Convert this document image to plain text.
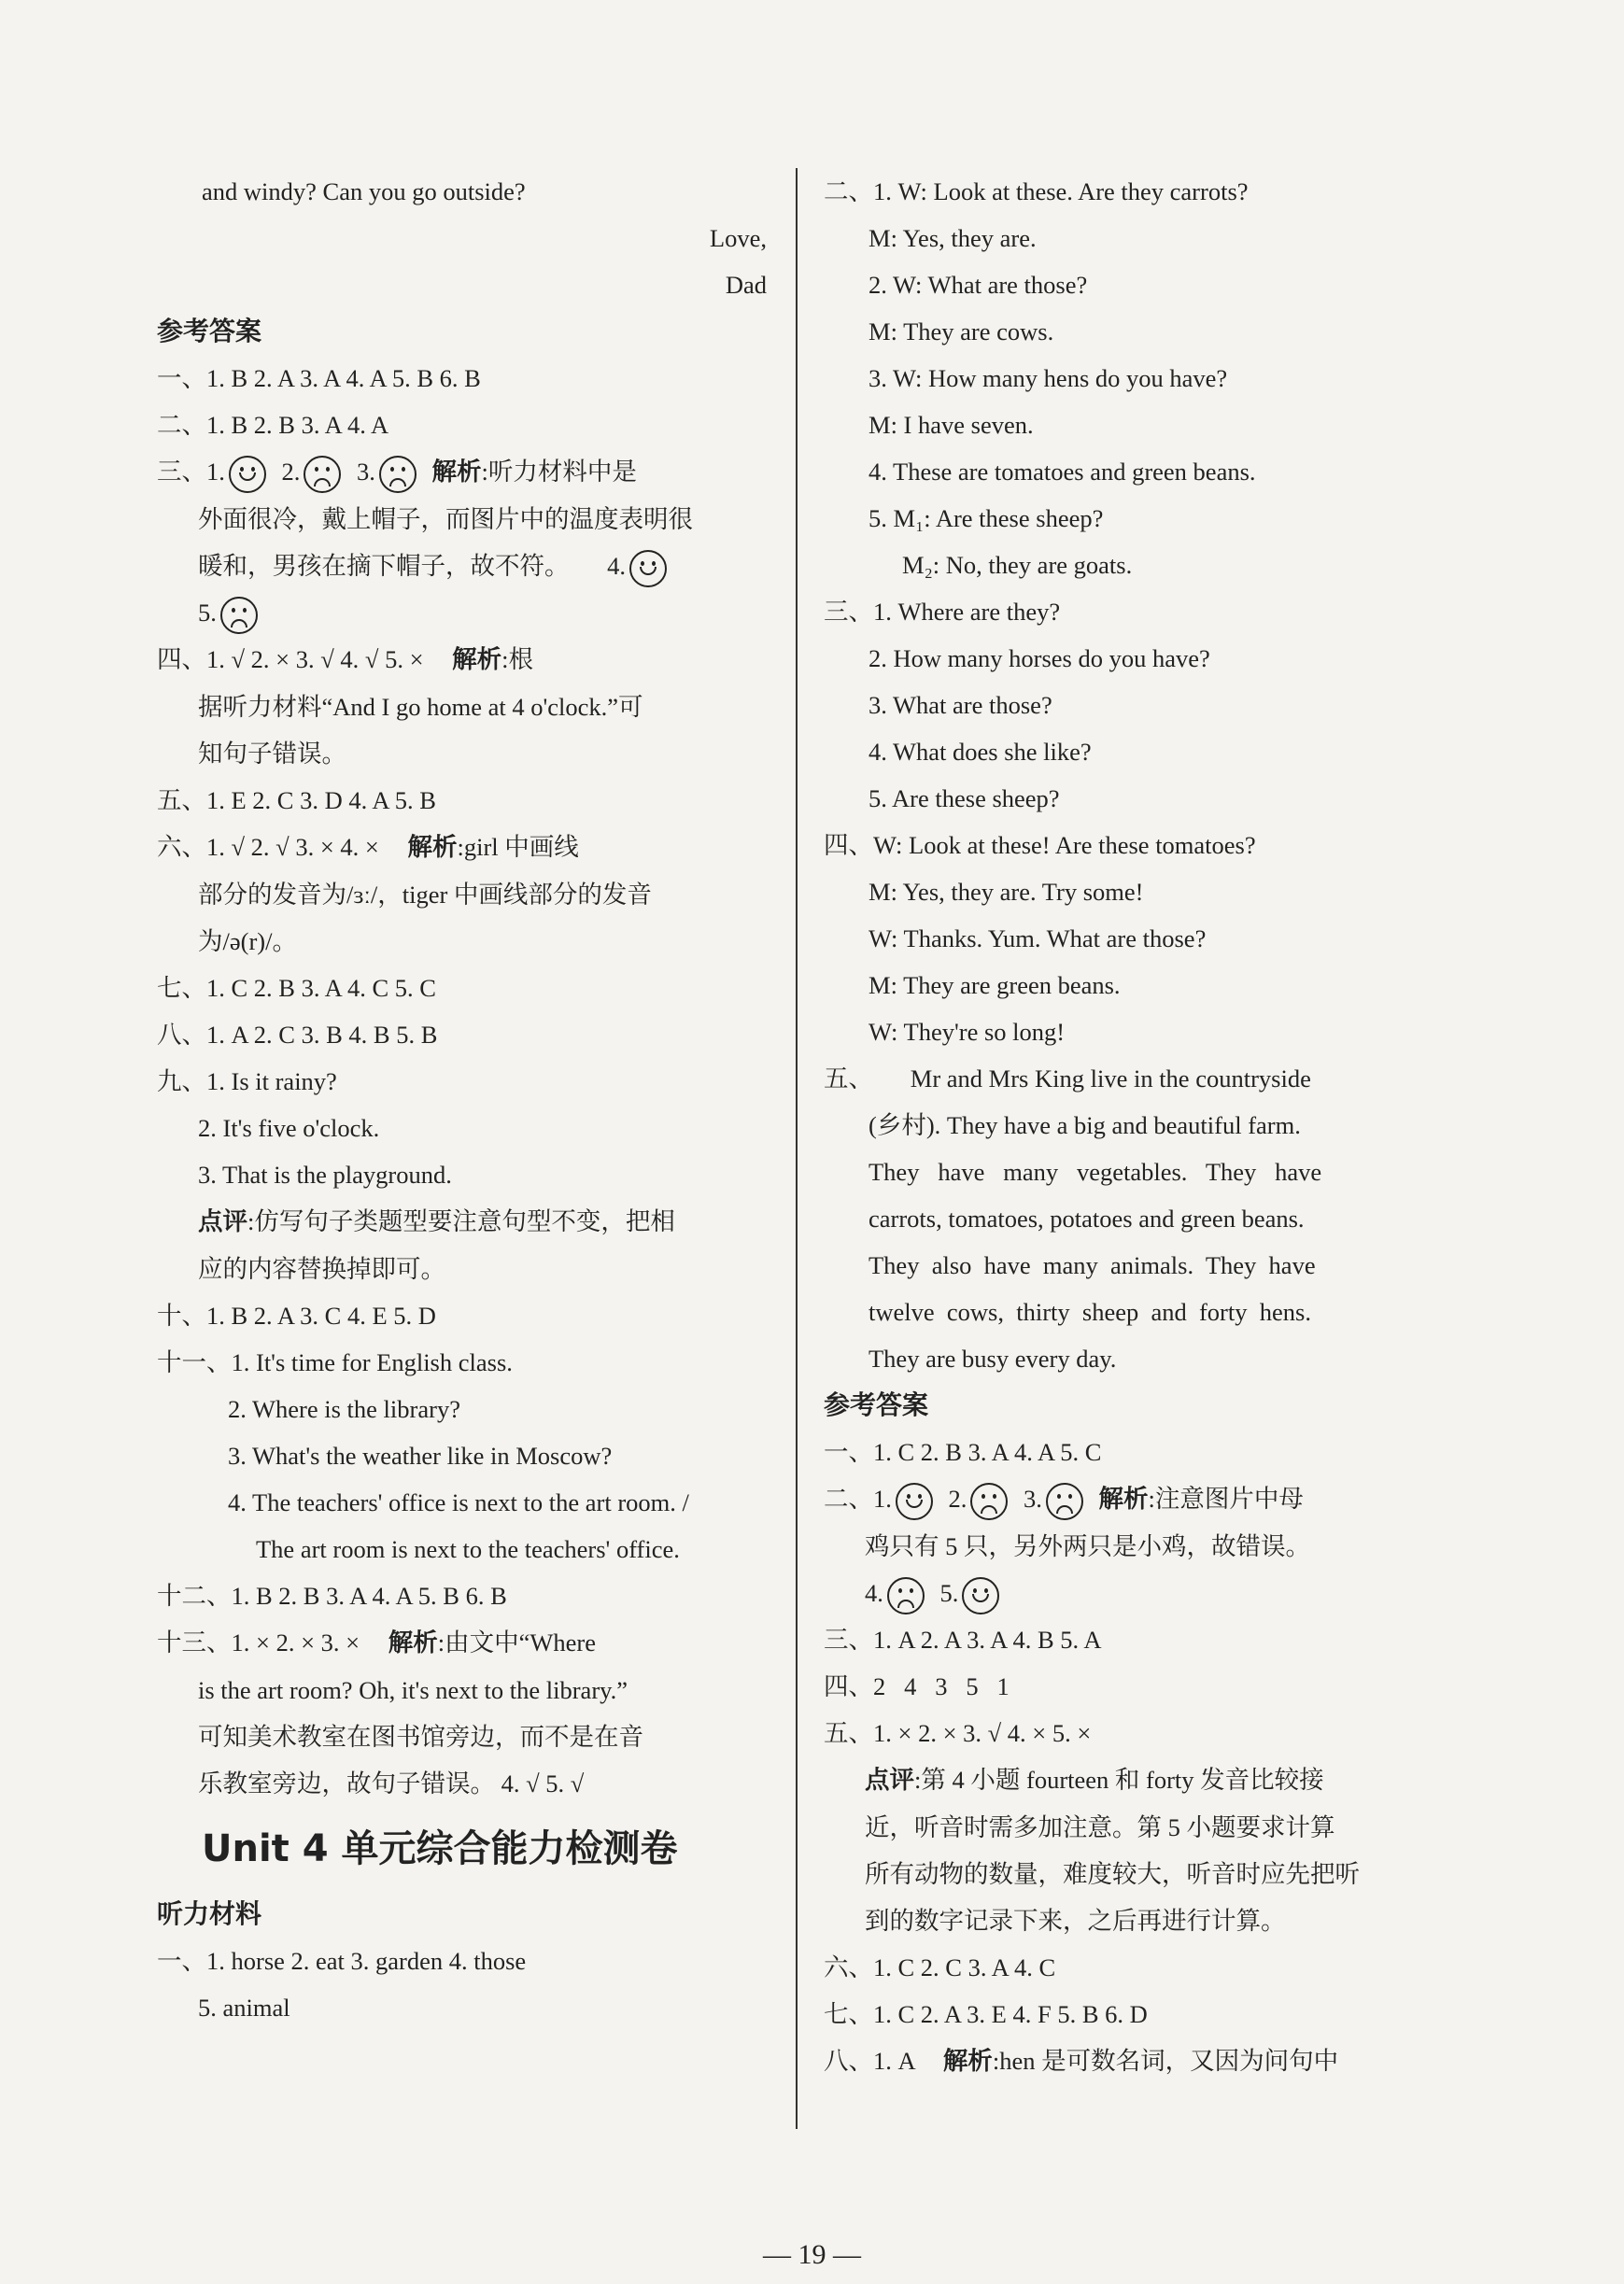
and windy? Can you go outside?
Love,
Dad
参考答案
一、1. B 2. A 3. A 4. A 5. B 6. B
二、1. B 2. B 3. A 4. A
三、1. 2. 3. 解析:听力材料中是
外面很冷，戴上帽子，而图片中的温度表明很
暖和，男孩在摘下帽子，故不符。 4.
5.
四、1. √ 2. × 3. √ 4. √ 5. × 解析:根
据听力材料“And I go home at 4 o'clock.”可
知句子错误。
五、1. E 2. C 3. D 4. A 5. B
六、1. √ 2. √ 3. × 4. × 解析:girl 中画线
部分的发音为/ɜː/，tiger 中画线部分的发音
为/ə(r)/。
七、1. C 2. B 3. A 4. C 5. C
八、1. A 2. C 3. B 4. B 5. B
九、1. Is it rainy?
2. It's five o'clock.
3. That is the playground.
点评:仿写句子类题型要注意句型不变，把相
应的内容替换掉即可。
十、1. B 2. A 3. C 4. E 5. D
十一、1. It's time for English class.
2. Where is the library?
3. What's the weather like in Moscow?
4. The teachers' office is next to the art room. /
The art room is next to the teachers' office.
十二、1. B 2. B 3. A 4. A 5. B 6. B
十三、1. × 2. × 3. × 解析:由文中“Where
is the art room? Oh, it's next to the library.”
可知美术教室在图书馆旁边，而不是在音
乐教室旁边，故句子错误。 4. √ 5. √
Unit 4 单元综合能力检测卷
听力材料
一、1. horse 2. eat 3. garden 4. those
5. animal
二、1. W: Look at these. Are they carrots?
M: Yes, they are.
2. W: What are those?
M: They are cows.
3. W: How many hens do you have?
M: I have seven.
4. These are tomatoes and green beans.
5. M₁: Are these sheep?
M₂: No, they are goats.
三、1. Where are they?
2. How many horses do you have?
3. What are those?
4. What does she like?
5. Are these sheep?
四、W: Look at these! Are these tomatoes?
M: Yes, they are. Try some!
W: Thanks. Yum. What are those?
M: They are green beans.
W: They're so long!
五、      Mr and Mrs King live in the countryside
(乡村). They have a big and beautiful farm.
They   have   many   vegetables.   They   have
carrots, tomatoes, potatoes and green beans.
They  also  have  many  animals.  They  have
twelve  cows,  thirty  sheep  and  forty  hens.
They are busy every day.
参考答案
一、1. C 2. B 3. A 4. A 5. C
二、1. 2. 3. 解析:注意图片中母
鸡只有 5 只，另外两只是小鸡，故错误。
4. 5.
三、1. A 2. A 3. A 4. B 5. A
四、2   4   3   5   1
五、1. × 2. × 3. √ 4. × 5. ×
点评:第 4 小题 fourteen 和 forty 发音比较接
近，听音时需多加注意。第 5 小题要求计算
所有动物的数量，难度较大，听音时应先把听
到的数字记录下来，之后再进行计算。
六、1. C 2. C 3. A 4. C
七、1. C 2. A 3. E 4. F 5. B 6. D
八、1. A 解析:hen 是可数名词，又因为问句中
— 19 —
